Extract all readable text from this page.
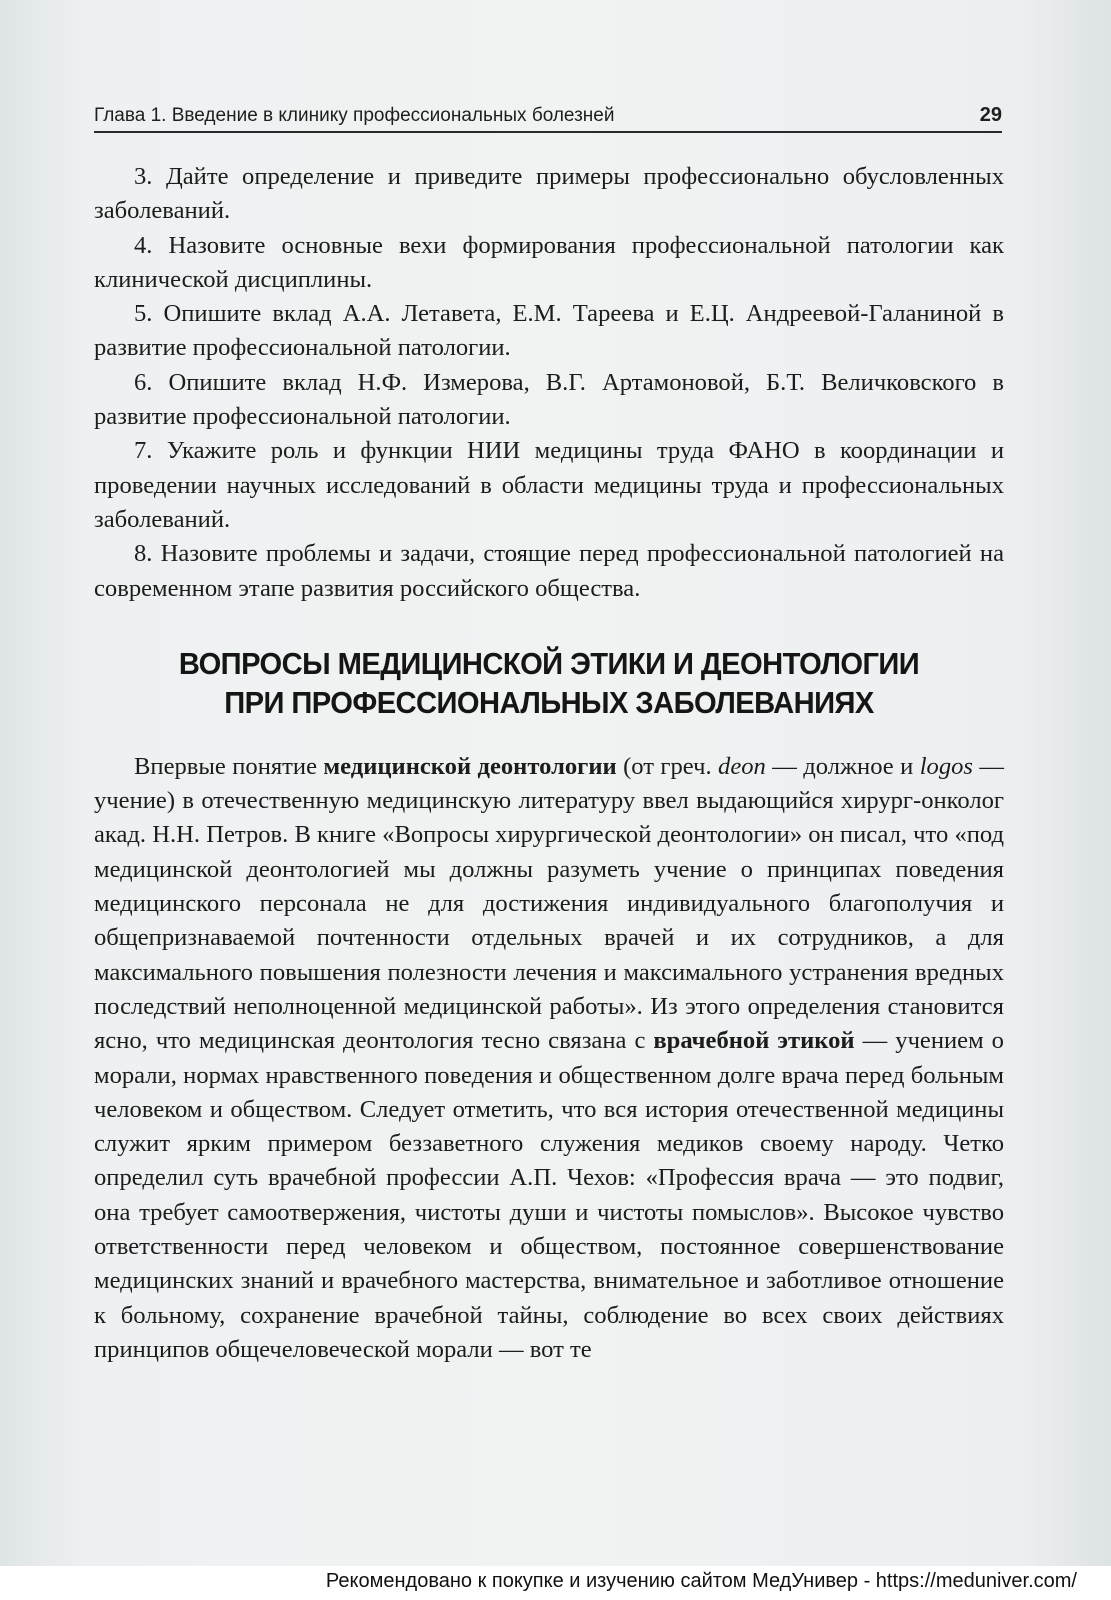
Глава 1. Введение в клинику профессиональных болезней	29

3. Дайте определение и приведите примеры профессионально обусловленных заболеваний.

4. Назовите основные вехи формирования профессиональной патологии как клинической дисциплины.

5. Опишите вклад А.А. Летавета, Е.М. Тареева и Е.Ц. Андреевой-Галаниной в развитие профессиональной патологии.

6. Опишите вклад Н.Ф. Измерова, В.Г. Артамоновой, Б.Т. Величковского в развитие профессиональной патологии.

7. Укажите роль и функции НИИ медицины труда ФАНО в координации и проведении научных исследований в области медицины труда и профессиональных заболеваний.

8. Назовите проблемы и задачи, стоящие перед профессиональной патологией на современном этапе развития российского общества.

ВОПРОСЫ МЕДИЦИНСКОЙ ЭТИКИ И ДЕОНТОЛОГИИ
ПРИ ПРОФЕССИОНАЛЬНЫХ ЗАБОЛЕВАНИЯХ

Впервые понятие медицинской деонтологии (от греч. deon — должное и logos — учение) в отечественную медицинскую литературу ввел выдающийся хирург-онколог акад. Н.Н. Петров. В книге «Вопросы хирургической деонтологии» он писал, что «под медицинской деонтологией мы должны разуметь учение о принципах поведения медицинского персонала не для достижения индивидуального благополучия и общепризнаваемой почтенности отдельных врачей и их сотрудников, а для максимального повышения полезности лечения и максимального устранения вредных последствий неполноценной медицинской работы». Из этого определения становится ясно, что медицинская деонтология тесно связана с врачебной этикой — учением о морали, нормах нравственного поведения и общественном долге врача перед больным человеком и обществом. Следует отметить, что вся история отечественной медицины служит ярким примером беззаветного служения медиков своему народу. Четко определил суть врачебной профессии А.П. Чехов: «Профессия врача — это подвиг, она требует самоотвержения, чистоты души и чистоты помыслов». Высокое чувство ответственности перед человеком и обществом, постоянное совершенствование медицинских знаний и врачебного мастерства, внимательное и заботливое отношение к больному, сохранение врачебной тайны, соблюдение во всех своих действиях принципов общечеловеческой морали — вот те

Рекомендовано к покупке и изучению сайтом МедУнивер - https://meduniver.com/
